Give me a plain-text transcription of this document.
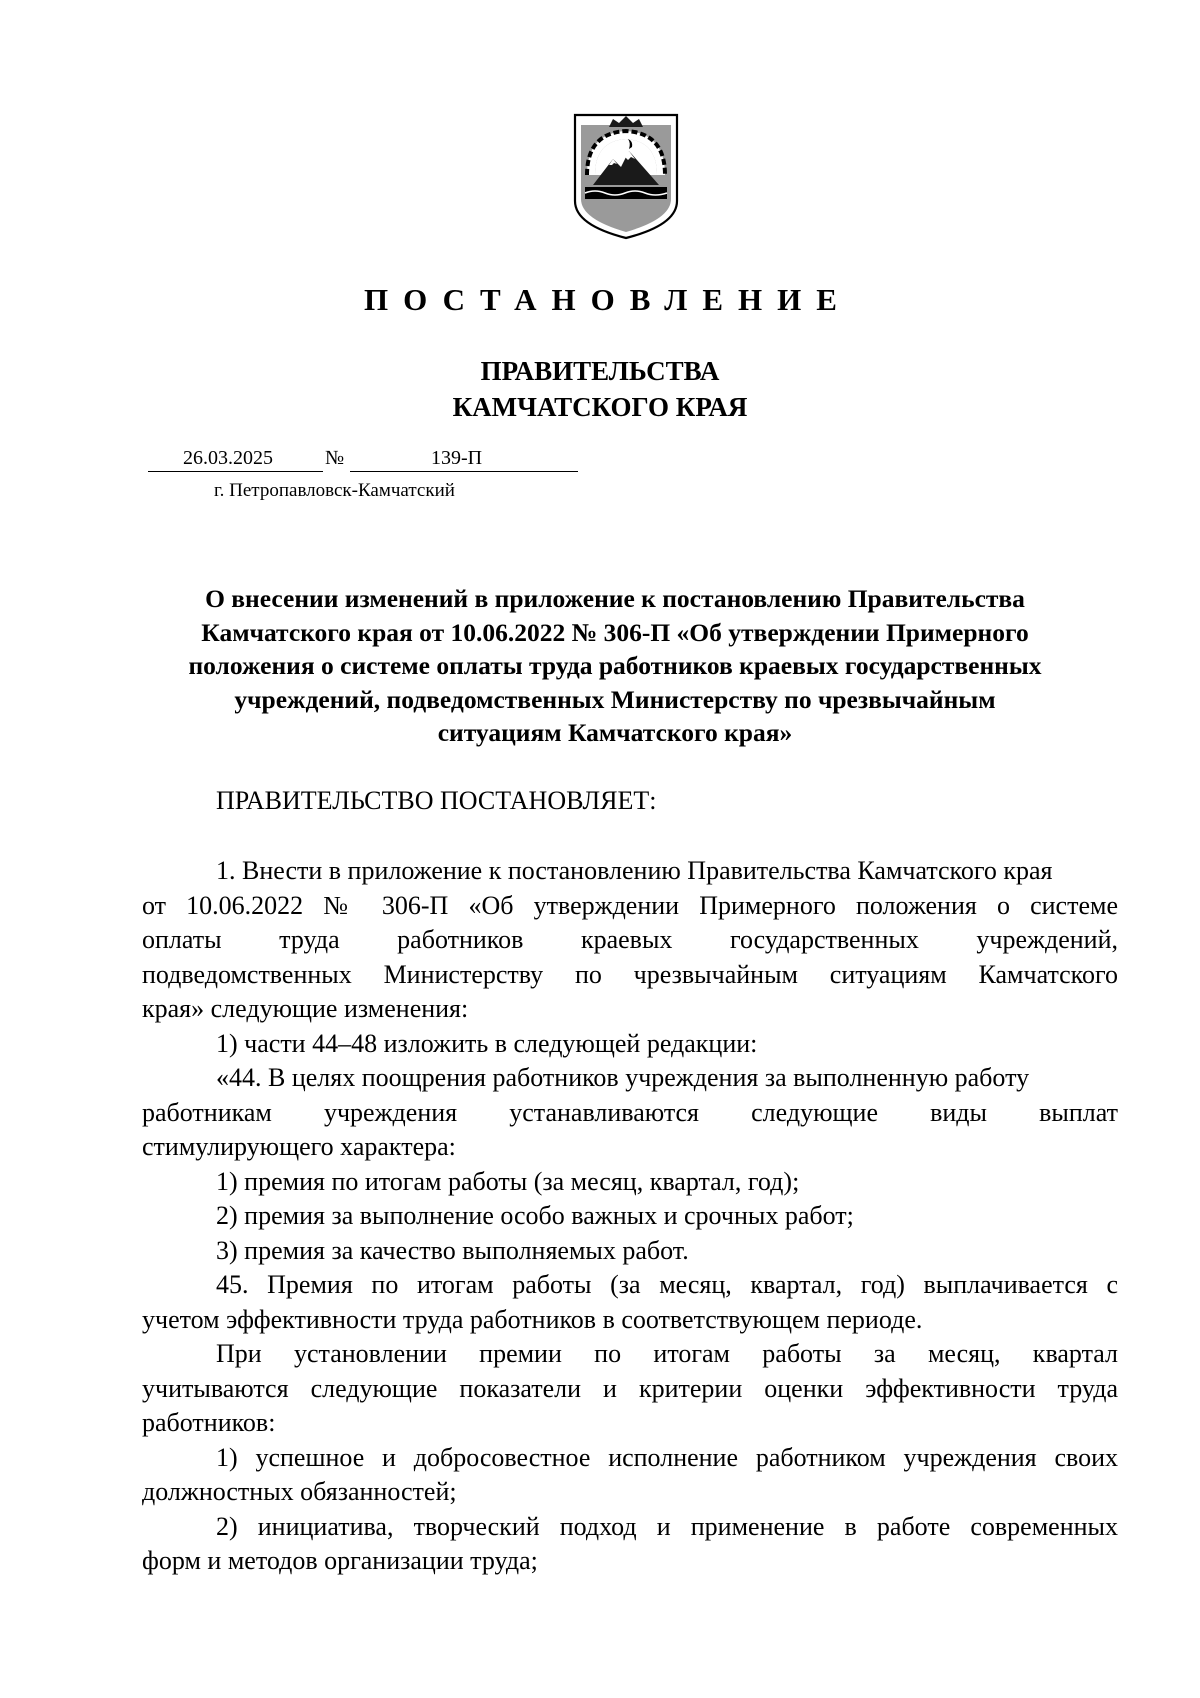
ПОСТАНОВЛЕНИЕ
ПРАВИТЕЛЬСТВА
КАМЧАТСКОГО КРАЯ
26.03.2025	№	139-П
г. Петропавловск-Камчатский
О внесении изменений в приложение к постановлению Правительства
Камчатского края от 10.06.2022 № 306-П «Об утверждении Примерного
положения о системе оплаты труда работников краевых государственных
учреждений, подведомственных Министерству по чрезвычайным
ситуациям Камчатского края»
ПРАВИТЕЛЬСТВО ПОСТАНОВЛЯЕТ:
1. Внести в приложение к постановлению Правительства Камчатского края
от 10.06.2022 № 306-П «Об утверждении Примерного положения о системе
оплаты труда работников краевых государственных учреждений,
подведомственных Министерству по чрезвычайным ситуациям Камчатского
края» следующие изменения:
1) части 44–48 изложить в следующей редакции:
«44. В целях поощрения работников учреждения за выполненную работу
работникам учреждения устанавливаются следующие виды выплат
стимулирующего характера:
1) премия по итогам работы (за месяц, квартал, год);
2) премия за выполнение особо важных и срочных работ;
3) премия за качество выполняемых работ.
45. Премия по итогам работы (за месяц, квартал, год) выплачивается с
учетом эффективности труда работников в соответствующем периоде.
При установлении премии по итогам работы за месяц, квартал
учитываются следующие показатели и критерии оценки эффективности труда
работников:
1) успешное и добросовестное исполнение работником учреждения своих
должностных обязанностей;
2) инициатива, творческий подход и применение в работе современных
форм и методов организации труда;
